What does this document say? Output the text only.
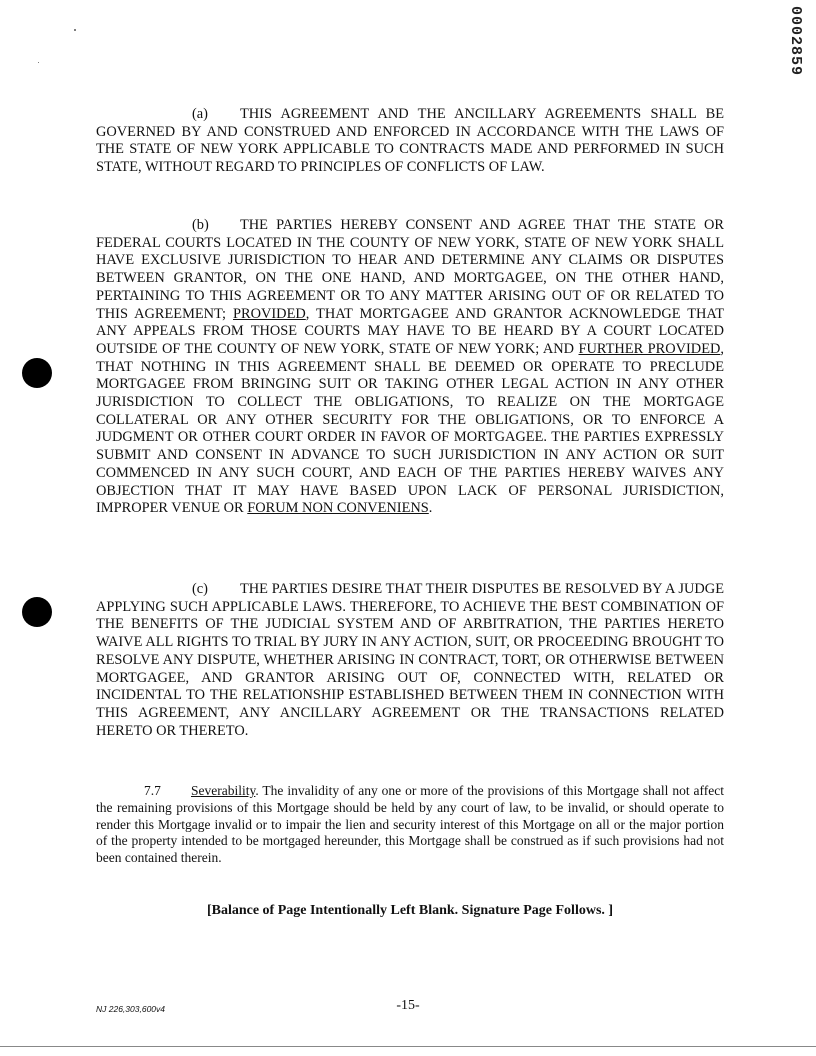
0002859

(a) THIS AGREEMENT AND THE ANCILLARY AGREEMENTS SHALL BE GOVERNED BY AND CONSTRUED AND ENFORCED IN ACCORDANCE WITH THE LAWS OF THE STATE OF NEW YORK APPLICABLE TO CONTRACTS MADE AND PERFORMED IN SUCH STATE, WITHOUT REGARD TO PRINCIPLES OF CONFLICTS OF LAW.

(b) THE PARTIES HEREBY CONSENT AND AGREE THAT THE STATE OR FEDERAL COURTS LOCATED IN THE COUNTY OF NEW YORK, STATE OF NEW YORK SHALL HAVE EXCLUSIVE JURISDICTION TO HEAR AND DETERMINE ANY CLAIMS OR DISPUTES BETWEEN GRANTOR, ON THE ONE HAND, AND MORTGAGEE, ON THE OTHER HAND, PERTAINING TO THIS AGREEMENT OR TO ANY MATTER ARISING OUT OF OR RELATED TO THIS AGREEMENT; PROVIDED, THAT MORTGAGEE AND GRANTOR ACKNOWLEDGE THAT ANY APPEALS FROM THOSE COURTS MAY HAVE TO BE HEARD BY A COURT LOCATED OUTSIDE OF THE COUNTY OF NEW YORK, STATE OF NEW YORK; AND FURTHER PROVIDED, THAT NOTHING IN THIS AGREEMENT SHALL BE DEEMED OR OPERATE TO PRECLUDE MORTGAGEE FROM BRINGING SUIT OR TAKING OTHER LEGAL ACTION IN ANY OTHER JURISDICTION TO COLLECT THE OBLIGATIONS, TO REALIZE ON THE MORTGAGE COLLATERAL OR ANY OTHER SECURITY FOR THE OBLIGATIONS, OR TO ENFORCE A JUDGMENT OR OTHER COURT ORDER IN FAVOR OF MORTGAGEE. THE PARTIES EXPRESSLY SUBMIT AND CONSENT IN ADVANCE TO SUCH JURISDICTION IN ANY ACTION OR SUIT COMMENCED IN ANY SUCH COURT, AND EACH OF THE PARTIES HEREBY WAIVES ANY OBJECTION THAT IT MAY HAVE BASED UPON LACK OF PERSONAL JURISDICTION, IMPROPER VENUE OR FORUM NON CONVENIENS.

(c) THE PARTIES DESIRE THAT THEIR DISPUTES BE RESOLVED BY A JUDGE APPLYING SUCH APPLICABLE LAWS. THEREFORE, TO ACHIEVE THE BEST COMBINATION OF THE BENEFITS OF THE JUDICIAL SYSTEM AND OF ARBITRATION, THE PARTIES HERETO WAIVE ALL RIGHTS TO TRIAL BY JURY IN ANY ACTION, SUIT, OR PROCEEDING BROUGHT TO RESOLVE ANY DISPUTE, WHETHER ARISING IN CONTRACT, TORT, OR OTHERWISE BETWEEN MORTGAGEE, AND GRANTOR ARISING OUT OF, CONNECTED WITH, RELATED OR INCIDENTAL TO THE RELATIONSHIP ESTABLISHED BETWEEN THEM IN CONNECTION WITH THIS AGREEMENT, ANY ANCILLARY AGREEMENT OR THE TRANSACTIONS RELATED HERETO OR THERETO.

7.7 Severability. The invalidity of any one or more of the provisions of this Mortgage shall not affect the remaining provisions of this Mortgage should be held by any court of law, to be invalid, or should operate to render this Mortgage invalid or to impair the lien and security interest of this Mortgage on all or the major portion of the property intended to be mortgaged hereunder, this Mortgage shall be construed as if such provisions had not been contained therein.

[Balance of Page Intentionally Left Blank. Signature Page Follows. ]

NJ 226,303,600v4	-15-
